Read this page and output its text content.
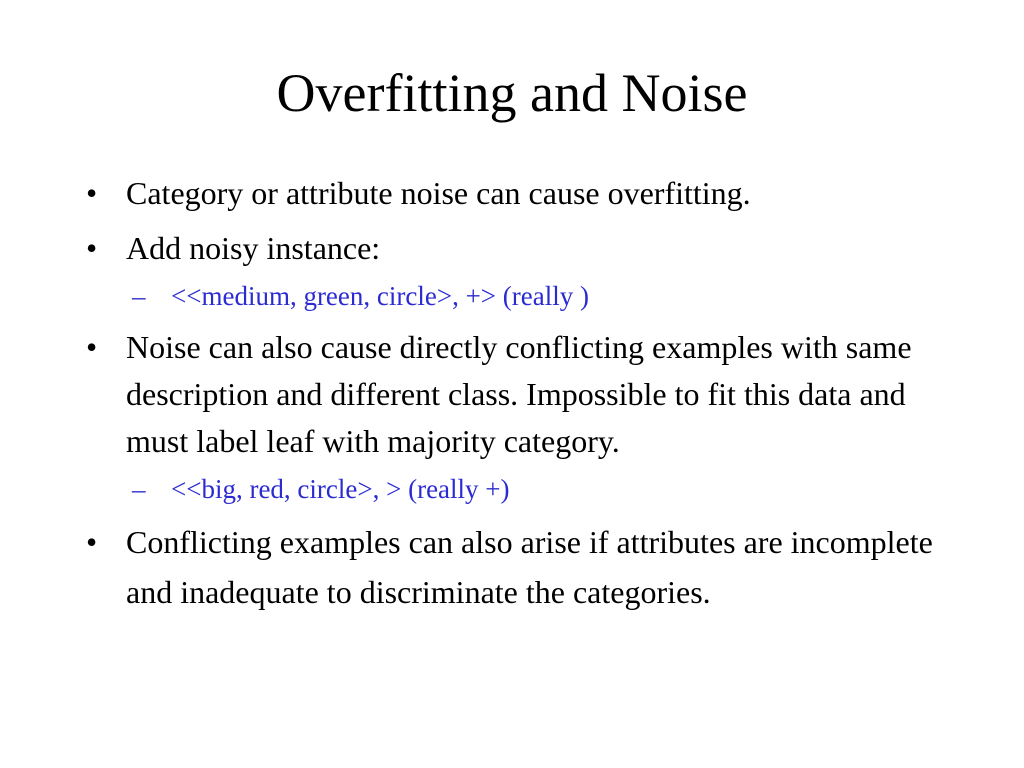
Overfitting and Noise
• Category or attribute noise can cause overfitting.
• Add noisy instance:
– <<medium, green, circle>, +> (really )
• Noise can also cause directly conflicting examples with same description and different class. Impossible to fit this data and must label leaf with majority category.
– <<big, red, circle>, > (really +)
• Conflicting examples can also arise if attributes are incomplete and inadequate to discriminate the categories.
